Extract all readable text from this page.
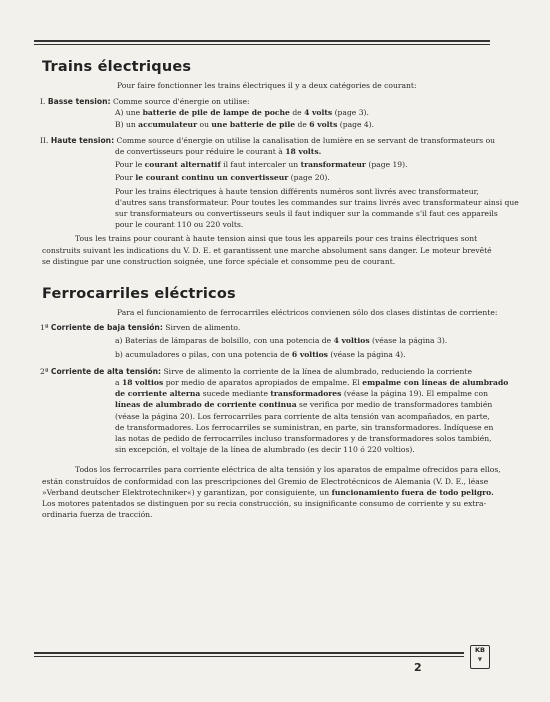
Trains électriques
Pour faire fonctionner les trains électriques il y a deux catégories de courant:
I. Basse tension: Comme source d'énergie on utilise:
A) une batterie de pile de lampe de poche de 4 volts (page 3).
B) un accumulateur ou une batterie de pile de 6 volts (page 4).
II. Haute tension: Comme source d'énergie on utilise la canalisation de lumière en se servant de transformateurs ou
de convertisseurs pour réduire le courant à 18 volts.
Pour le courant alternatif il faut intercaler un transformateur (page 19).
Pour le courant continu un convertisseur (page 20).
Pour les trains électriques à haute tension différents numéros sont livrés avec transformateur,
d'autres sans transformateur. Pour toutes les commandes sur trains livrés avec transformateur ainsi que
sur transformateurs ou convertisseurs seuls il faut indiquer sur la commande s'il faut ces appareils
pour le courant 110 ou 220 volts.
Tous les trains pour courant à haute tension ainsi que tous les appareils pour ces trains électriques sont
construits suivant les indications du V. D. E. et garantissent une marche absolument sans danger. Le moteur brevêté
se distingue par une construction soignée, une force spéciale et consomme peu de courant.
Ferrocarriles eléctricos
Para el funcionamiento de ferrocarriles eléctricos convienen sólo dos clases distintas de corriente:
1ª Corriente de baja tensión: Sirven de alimento.
a) Baterías de lámparas de bolsillo, con una potencia de 4 voltios (véase la página 3).
b) acumuladores o pilas, con una potencia de 6 voltios (véase la página 4).
2ª Corriente de alta tensión: Sirve de alimento la corriente de la línea de alumbrado, reduciendo la corriente
a 18 voltios por medio de aparatos apropiados de empalme. El empalme con líneas de alumbrado
de corriente alterna sucede mediante transformadores (véase la página 19). El empalme con
líneas de alumbrado de corriente continua se verifica por medio de transformadores también
(véase la página 20). Los ferrocarriles para corriente de alta tensión van acompañados, en parte,
de transformadores. Los ferrocarriles se suministran, en parte, sin transformadores. Indíquese en
las notas de pedido de ferrocarriles incluso transformadores y de transformadores solos también,
sin excepción, el voltaje de la línea de alumbrado (es decir 110 ó 220 voltios).
Todos los ferrocarriles para corriente eléctrica de alta tensión y los aparatos de empalme ofrecidos para ellos,
están construídos de conformidad con las prescripciones del Gremio de Electrotécnicos de Alemania (V. D. E., léase
»Verband deutscher Elektrotechniker«) y garantizan, por consiguiente, un funcionamiento fuera de todo peligro.
Los motores patentados se distinguen por su recia construcción, su insignificante consumo de corriente y su extra-
ordinaria fuerza de tracción.
KB
⩔
2
